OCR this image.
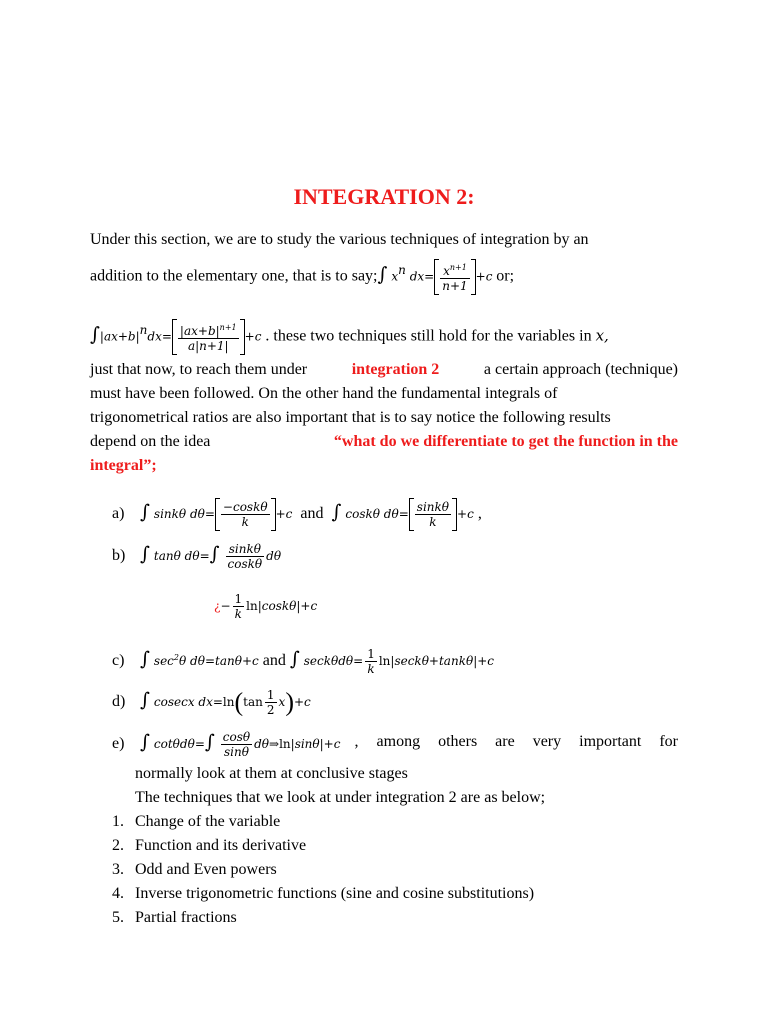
INTEGRATION 2:
Under this section, we are to study the various techniques of integration by an
addition to the elementary one, that is to say;∫ $x^n$ $dx= \frac{x^{n+1}}{n+1} +c$ or;
$\int|ax+b|^ndx= \frac{|ax+b|^{n+1}}{a|n+1|} +c$ . these two techniques still hold for the variables in x,
just that now, to reach them under	integration 2	a certain approach (technique)
must have been followed. On the other hand the fundamental integrals of
trigonometrical ratios are also important that is to say notice the following results
depend on the idea	“what do we differentiate to get the function in the
integral”;
a) ∫ sinkθ $d\theta= \frac{-\cos k\theta}{k} +c$ and ∫ coskθ $d\theta= \frac{\sin k\theta}{k} +c$ ,
b) ∫ tanθ $d\theta=\int \frac{\sin k\theta}{\cos k\theta}$ dθ
¿− $\frac{1}{k} \ln|\cos k\theta|+c$
c) ∫ $\sec^2\theta$ dθ=tanθ+c and ∫ $\sec k\theta d\theta= \frac{1}{k} \ln|\sec k\theta+\tan k\theta|+c$
d) ∫ cosecx $dx=\ln(\tan \frac{1}{2} x)+c$
e) ∫ $\cot\theta d\theta=\int \frac{\cos\theta}{\sin\theta}$ dθ⇒ln|sinθ|+c , among others are very important for
normally look at them at conclusive stages
The techniques that we look at under integration 2 are as below;
1. Change of the variable
2. Function and its derivative
3. Odd and Even powers
4. Inverse trigonometric functions (sine and cosine substitutions)
5. Partial fractions
